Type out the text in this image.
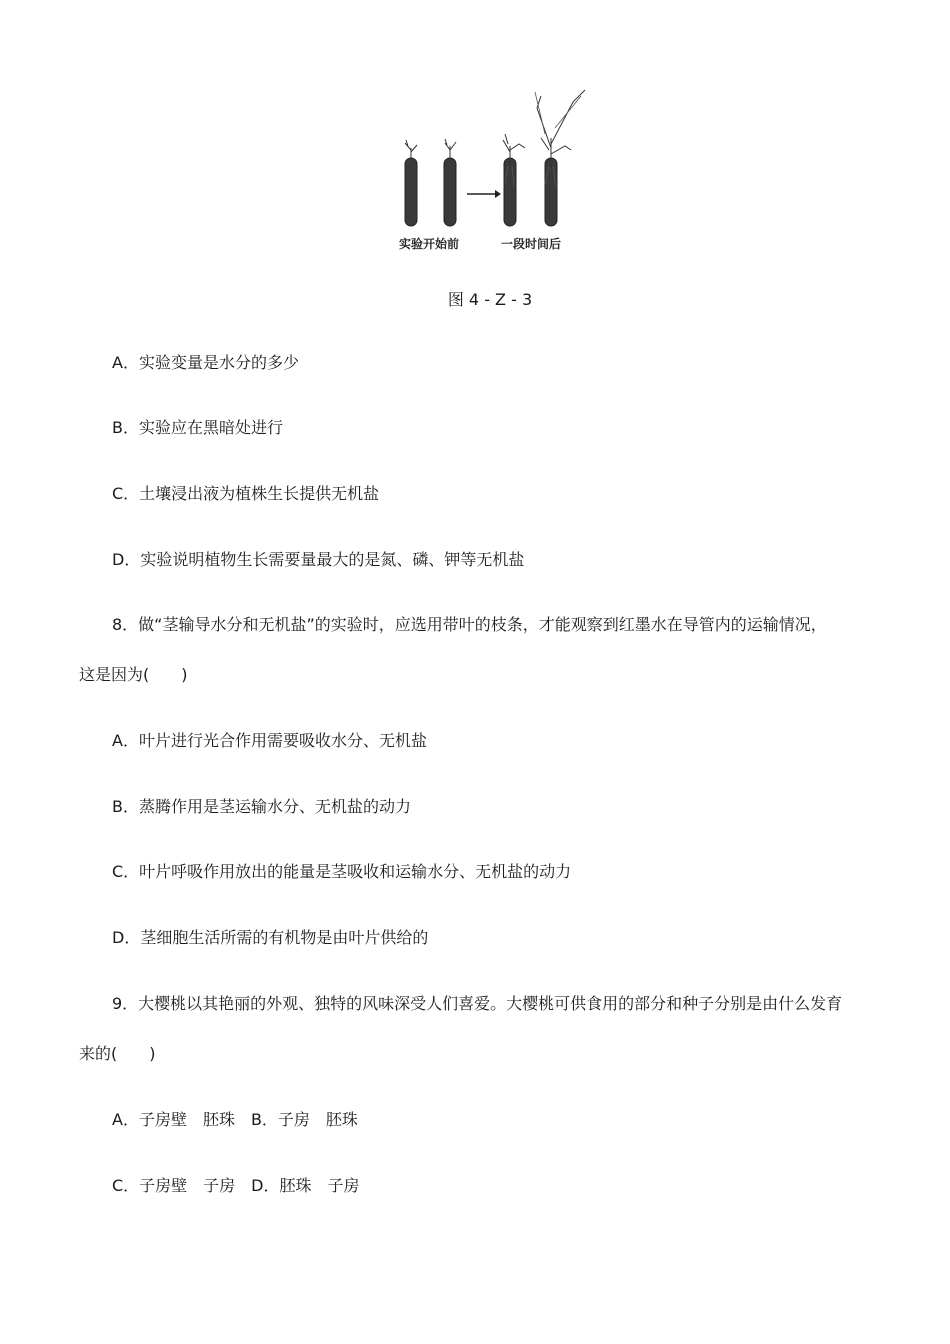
实验开始前	一段时间后
图 4 - Z - 3
A．实验变量是水分的多少
B．实验应在黑暗处进行
C．土壤浸出液为植株生长提供无机盐
D．实验说明植物生长需要量最大的是氮、磷、钾等无机盐
8．做“茎输导水分和无机盐”的实验时，应选用带叶的枝条，才能观察到红墨水在导管内的运输情况，
这是因为(　　)
A．叶片进行光合作用需要吸收水分、无机盐
B．蒸腾作用是茎运输水分、无机盐的动力
C．叶片呼吸作用放出的能量是茎吸收和运输水分、无机盐的动力
D．茎细胞生活所需的有机物是由叶片供给的
9．大樱桃以其艳丽的外观、独特的风味深受人们喜爱。大樱桃可供食用的部分和种子分别是由什么发育
来的(　　)
A．子房壁　胚珠　B．子房　胚珠
C．子房壁　子房　D．胚珠　子房
